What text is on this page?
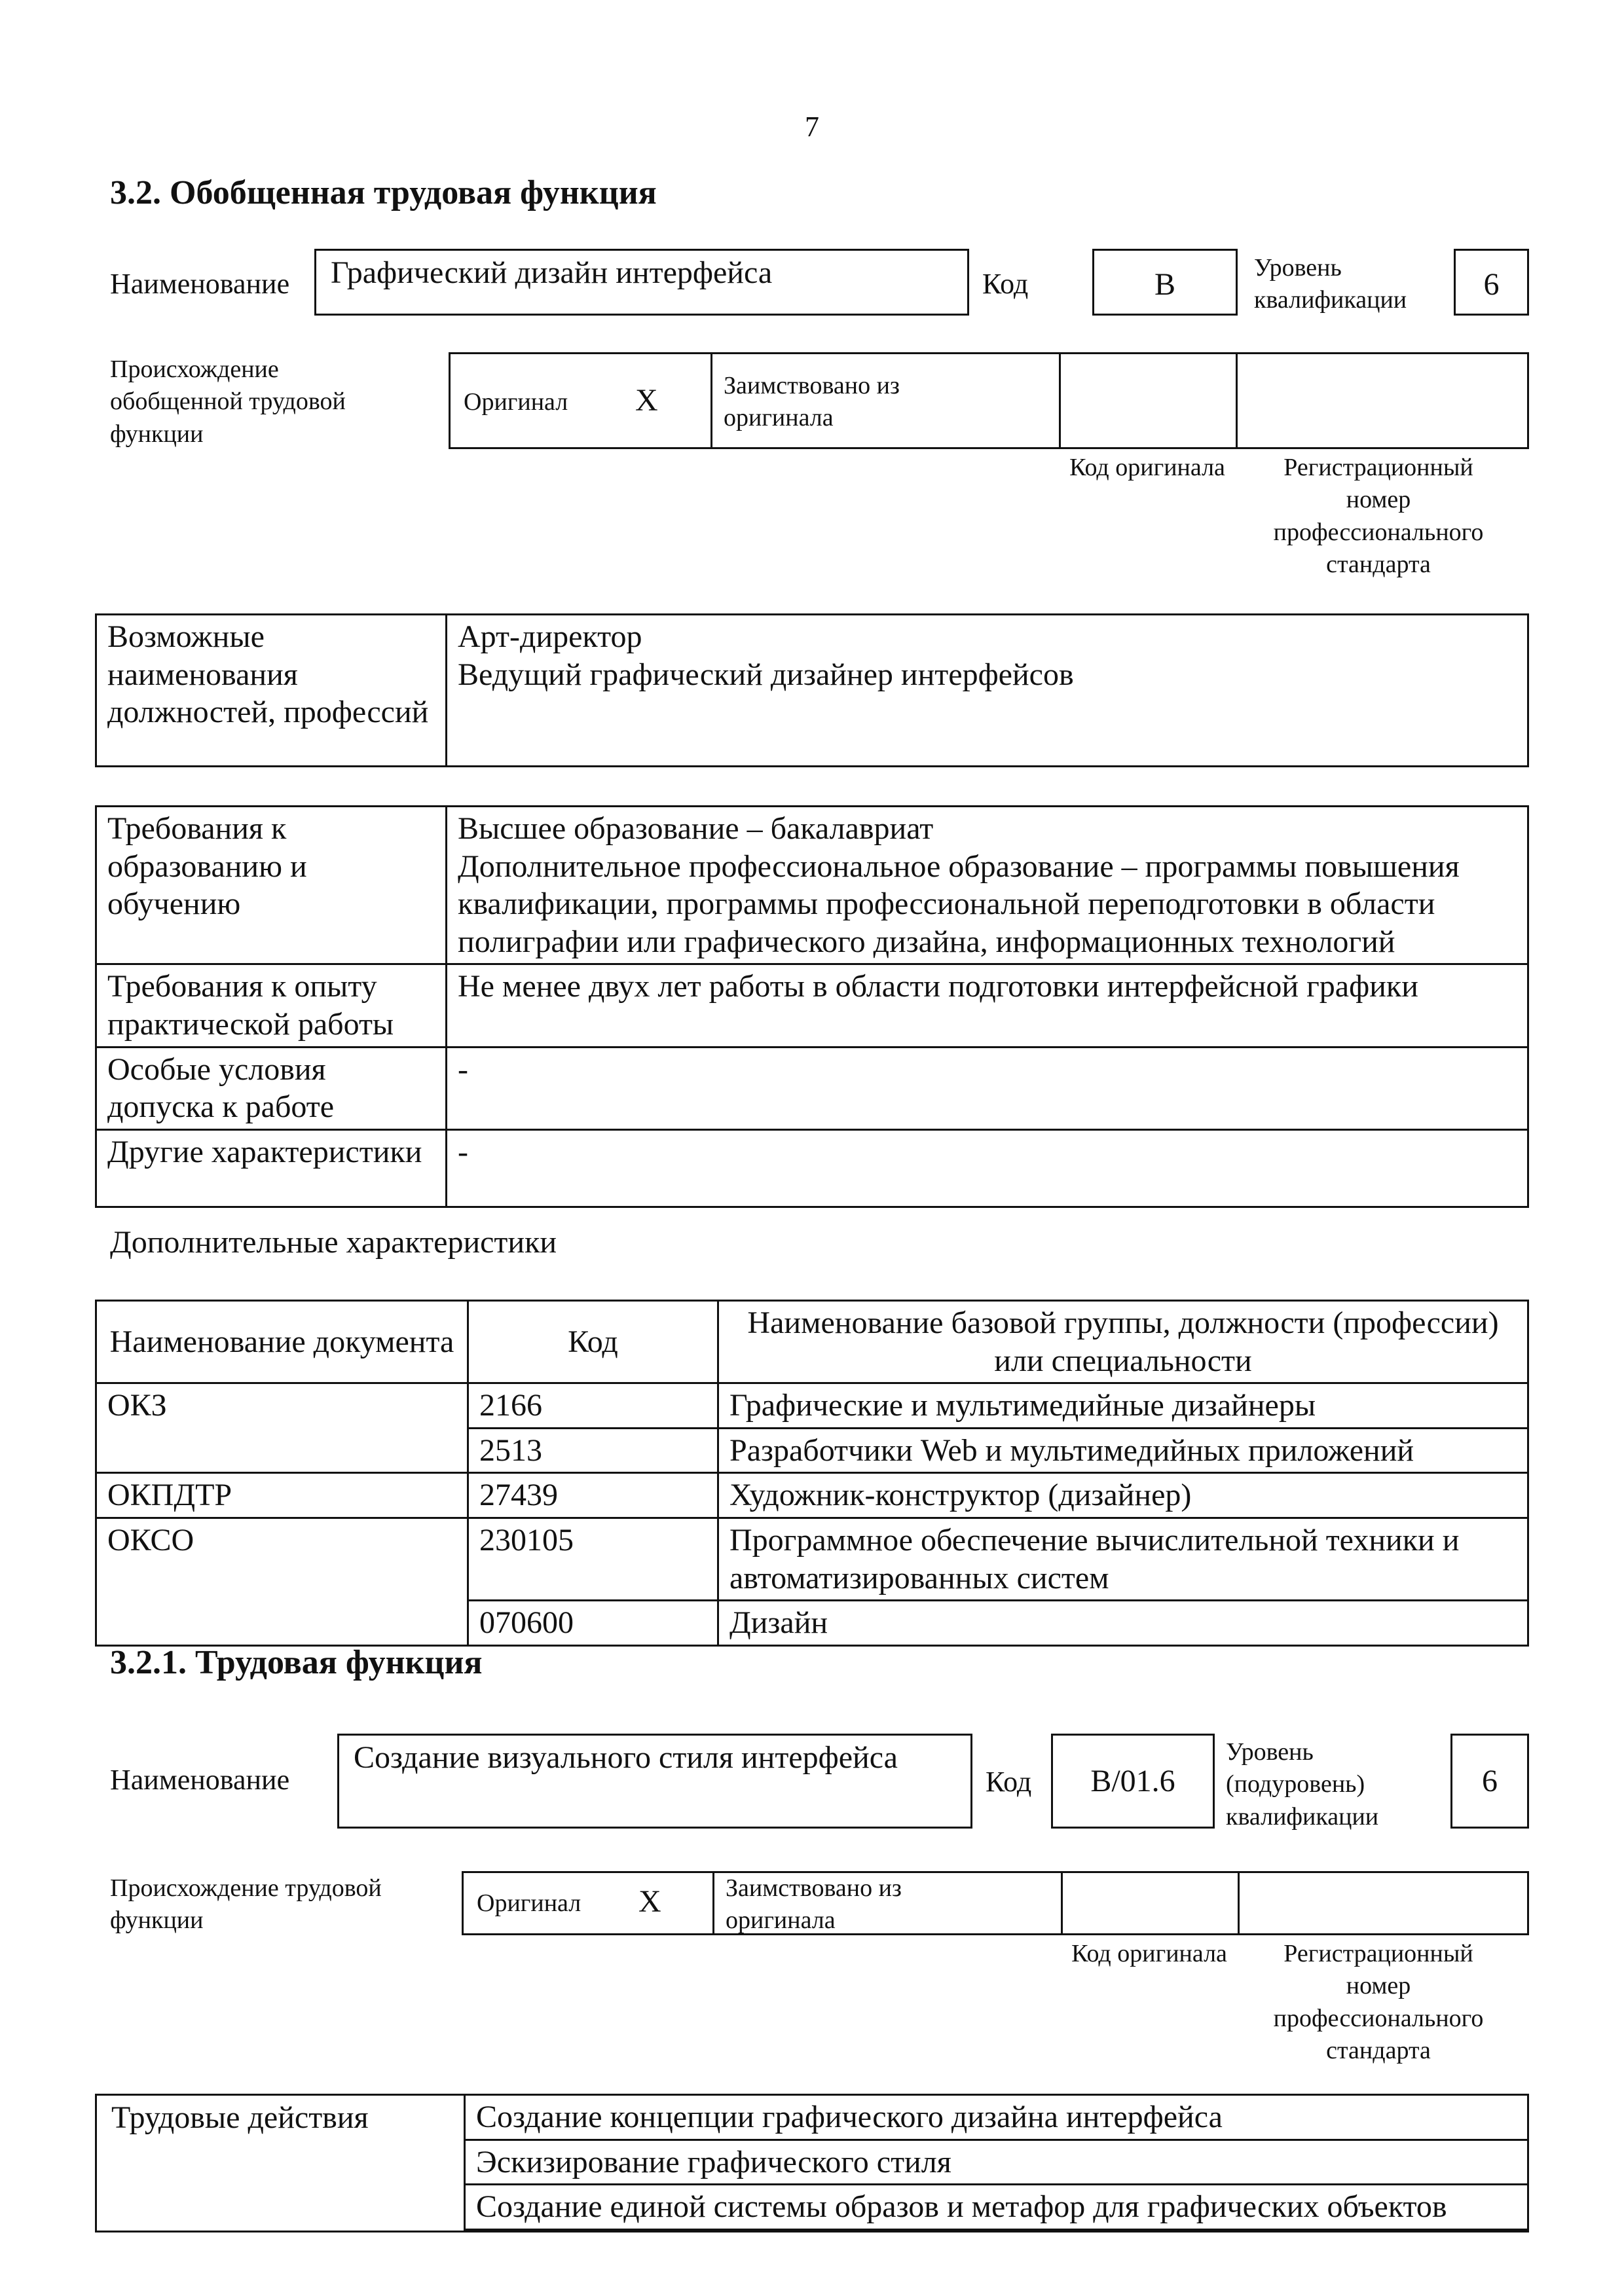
7
3.2. Обобщенная трудовая функция
Наименование Графический дизайн интерфейса	Код	B	Уровень квалификации	6
Происхождение обобщенной трудовой функции
Оригинал X	Заимствовано из оригинала
Код оригинала	Регистрационный номер профессионального стандарта
Возможные наименования должностей, профессий	
Арт-директор
Ведущий графический дизайнер интерфейсов
Требования к образованию и обучению	Высшее образование – бакалавриат
Дополнительное профессиональное образование – программы повышения квалификации, программы профессиональной переподготовки в области полиграфии или графического дизайна, информационных технологий

Требования к опыту практической работы	Не менее двух лет работы в области подготовки интерфейсной графики
Особые условия допуска к работе	-
Другие характеристики	-
Дополнительные характеристики
Наименование документа	Код	Наименование базовой группы, должности (профессии) или специальности
ОКЗ	2166	Графические и мультимедийные дизайнеры
	2513	Разработчики Web и мультимедийных приложений
ОКПДТР	27439	Художник-конструктор (дизайнер)
ОКСО	230105	Программное обеспечение вычислительной техники и автоматизированных систем
	070600	Дизайн
3.2.1. Трудовая функция
Наименование
Создание визуального стиля интерфейса
Код	B/01.6
Уровень (подуровень) квалификации
6
Происхождение трудовой функции
Оригинал X	Заимствовано из оригинала
Код оригинала	Регистрационный номер профессионального стандарта
Трудовые действия	Создание концепции графического дизайна интерфейса
Эскизирование графического стиля
Создание единой системы образов и метафор для графических объектов
